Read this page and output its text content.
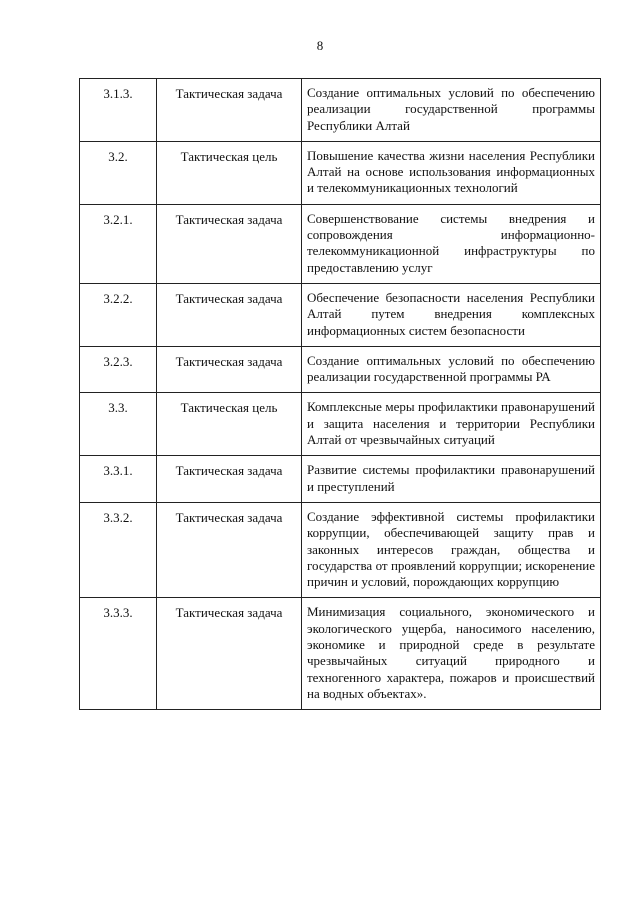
8
3.1.3.	Тактическая задача	Создание оптимальных условий по обеспечению реализации государственной программы Республики Алтай
3.2.	Тактическая цель	Повышение качества жизни населения Республики Алтай на основе использования информационных и телекоммуникационных технологий
3.2.1.	Тактическая задача	Совершенствование системы внедрения и сопровождения информационно-телекоммуникационной инфраструктуры по предоставлению услуг
3.2.2.	Тактическая задача	Обеспечение безопасности населения Республики Алтай путем внедрения комплексных информационных систем безопасности
3.2.3.	Тактическая задача	Создание оптимальных условий по обеспечению реализации государственной программы РА
3.3.	Тактическая цель	Комплексные меры профилактики правонарушений и защита населения и территории Республики Алтай от чрезвычайных ситуаций
3.3.1.	Тактическая задача	Развитие системы профилактики правонарушений и преступлений
3.3.2.	Тактическая задача	Создание эффективной системы профилактики коррупции, обеспечивающей защиту прав и законных интересов граждан, общества и государства от проявлений коррупции; искоренение причин и условий, порождающих коррупцию
3.3.3.	Тактическая задача	Минимизация социального, экономического и экологического ущерба, наносимого населению, экономике и природной среде в результате чрезвычайных ситуаций природного и техногенного характера, пожаров и происшествий на водных объектах».
